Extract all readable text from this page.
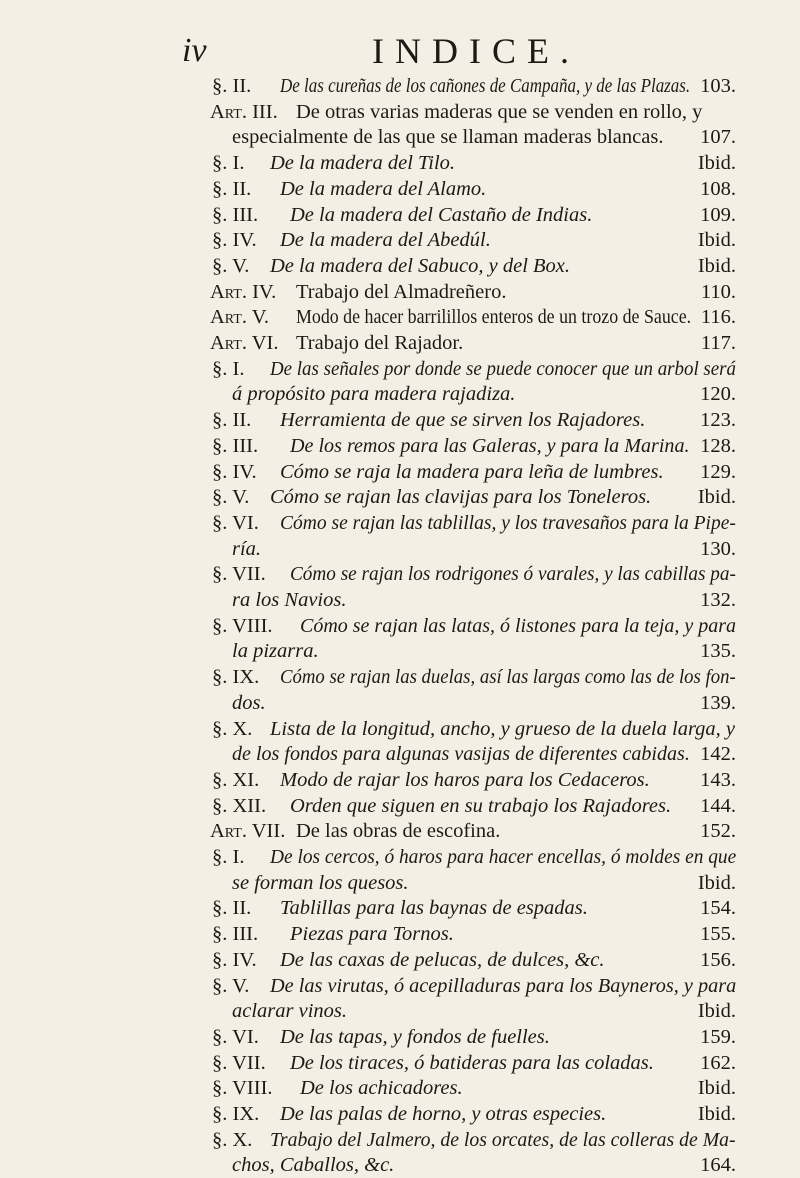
iv	INDICE.
§. II. De las cureñas de los cañones de Campaña, y de las Plazas. 103.
Art. III. De otras varias maderas que se venden en rollo, y
especialmente de las que se llaman maderas blancas. 107.
§. I. De la madera del Tilo.	Ibid.
§. II. De la madera del Alamo.	108.
§. III. De la madera del Castaño de Indias.	109.
§. IV. De la madera del Abedúl.	Ibid.
§. V. De la madera del Sabuco, y del Box.	Ibid.
Art. IV. Trabajo del Almadreñero.	110.
Art. V. Modo de hacer barrilillos enteros de un trozo de Sauce. 116.
Art. VI. Trabajo del Rajador.	117.
§. I. De las señales por donde se puede conocer que un arbol será
á propósito para madera rajadiza.	120.
§. II. Herramienta de que se sirven los Rajadores.	123.
§. III. De los remos para las Galeras, y para la Marina. 128.
§. IV. Cómo se raja la madera para leña de lumbres. 129.
§. V. Cómo se rajan las clavijas para los Toneleros. Ibid.
§. VI. Cómo se rajan las tablillas, y los travesaños para la Pipe-
ría.	130.
§. VII. Cómo se rajan los rodrigones ó varales, y las cabillas pa-
ra los Navios.	132.
§. VIII. Cómo se rajan las latas, ó listones para la teja, y para
la pizarra.	135.
§. IX. Cómo se rajan las duelas, así las largas como las de los fon-
dos.	139.
§. X. Lista de la longitud, ancho, y grueso de la duela larga, y
de los fondos para algunas vasijas de diferentes cabidas. 142.
§. XI. Modo de rajar los haros para los Cedaceros. 143.
§. XII. Orden que siguen en su trabajo los Rajadores. 144.
Art. VII. De las obras de escofina.	152.
§. I. De los cercos, ó haros para hacer encellas, ó moldes en que
se forman los quesos.	Ibid.
§. II. Tablillas para las baynas de espadas.	154.
§. III. Piezas para Tornos.	155.
§. IV. De las caxas de pelucas, de dulces, &c.	156.
§. V. De las virutas, ó acepilladuras para los Bayneros, y para
aclarar vinos.	Ibid.
§. VI. De las tapas, y fondos de fuelles.	159.
§. VII. De los tiraces, ó batideras para las coladas. 162.
§. VIII. De los achicadores.	Ibid.
§. IX. De las palas de horno, y otras especies.	Ibid.
§. X. Trabajo del Jalmero, de los orcates, de las colleras de Ma-
chos, Caballos, &c.	164.
